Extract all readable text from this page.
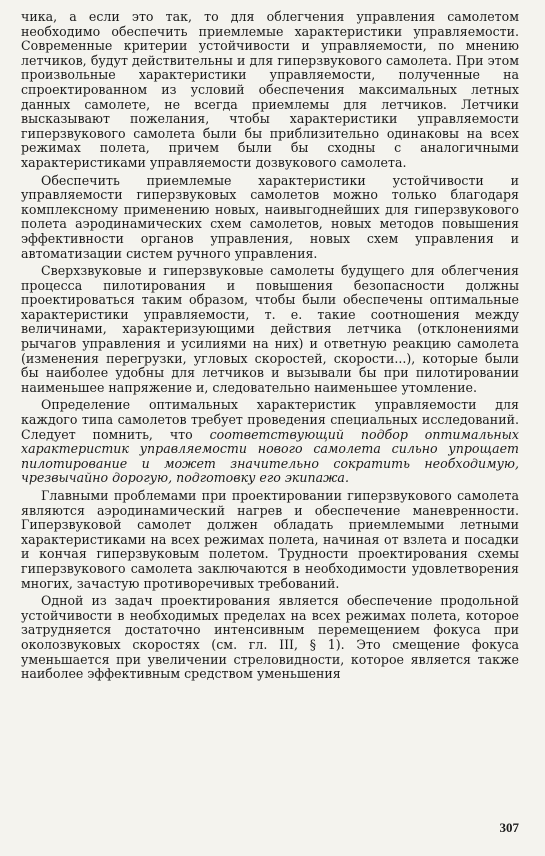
чика, а если это так, то для облегчения управления самолетом необходимо обеспечить приемлемые характеристики управляемости. Современные критерии устойчивости и управляемости, по мнению летчиков, будут действительны и для гиперзвукового самолета. При этом произвольные характеристики управляемости, полученные на спроектированном из условий обеспечения максимальных летных данных самолете, не всегда приемлемы для летчиков. Летчики высказывают пожелания, чтобы характеристики управляемости гиперзвукового самолета были бы приблизительно одинаковы на всех режимах полета, причем были бы сходны с аналогичными характеристиками управляемости дозвукового самолета.

Обеспечить приемлемые характеристики устойчивости и управляемости гиперзвуковых самолетов можно только благодаря комплексному применению новых, наивыгоднейших для гиперзвукового полета аэродинамических схем самолетов, новых методов повышения эффективности органов управления, новых схем управления и автоматизации систем ручного управления.

Сверхзвуковые и гиперзвуковые самолеты будущего для облегчения процесса пилотирования и повышения безопасности должны проектироваться таким образом, чтобы были обеспечены оптимальные характеристики управляемости, т. е. такие соотношения между величинами, характеризующими действия летчика (отклонениями рычагов управления и усилиями на них) и ответную реакцию самолета (изменения перегрузки, угловых скоростей, скорости...), которые были бы наиболее удобны для летчиков и вызывали бы при пилотировании наименьшее напряжение и, следовательно наименьшее утомление.

Определение оптимальных характеристик управляемости для каждого типа самолетов требует проведения специальных исследований. Следует помнить, что соответствующий подбор оптимальных характеристик управляемости нового самолета сильно упрощает пилотирование и может значительно сократить необходимую, чрезвычайно дорогую, подготовку его экипажа.

Главными проблемами при проектировании гиперзвукового самолета являются аэродинамический нагрев и обеспечение маневренности. Гиперзвуковой самолет должен обладать приемлемыми летными характеристиками на всех режимах полета, начиная от взлета и посадки и кончая гиперзвуковым полетом. Трудности проектирования схемы гиперзвукового самолета заключаются в необходимости удовлетворения многих, зачастую противоречивых требований.

Одной из задач проектирования является обеспечение продольной устойчивости в необходимых пределах на всех режимах полета, которое затрудняется достаточно интенсивным перемещением фокуса при околозвуковых скоростях (см. гл. III, § 1). Это смещение фокуса уменьшается при увеличении стреловидности, которое является также наиболее эффективным средством уменьшения

307
